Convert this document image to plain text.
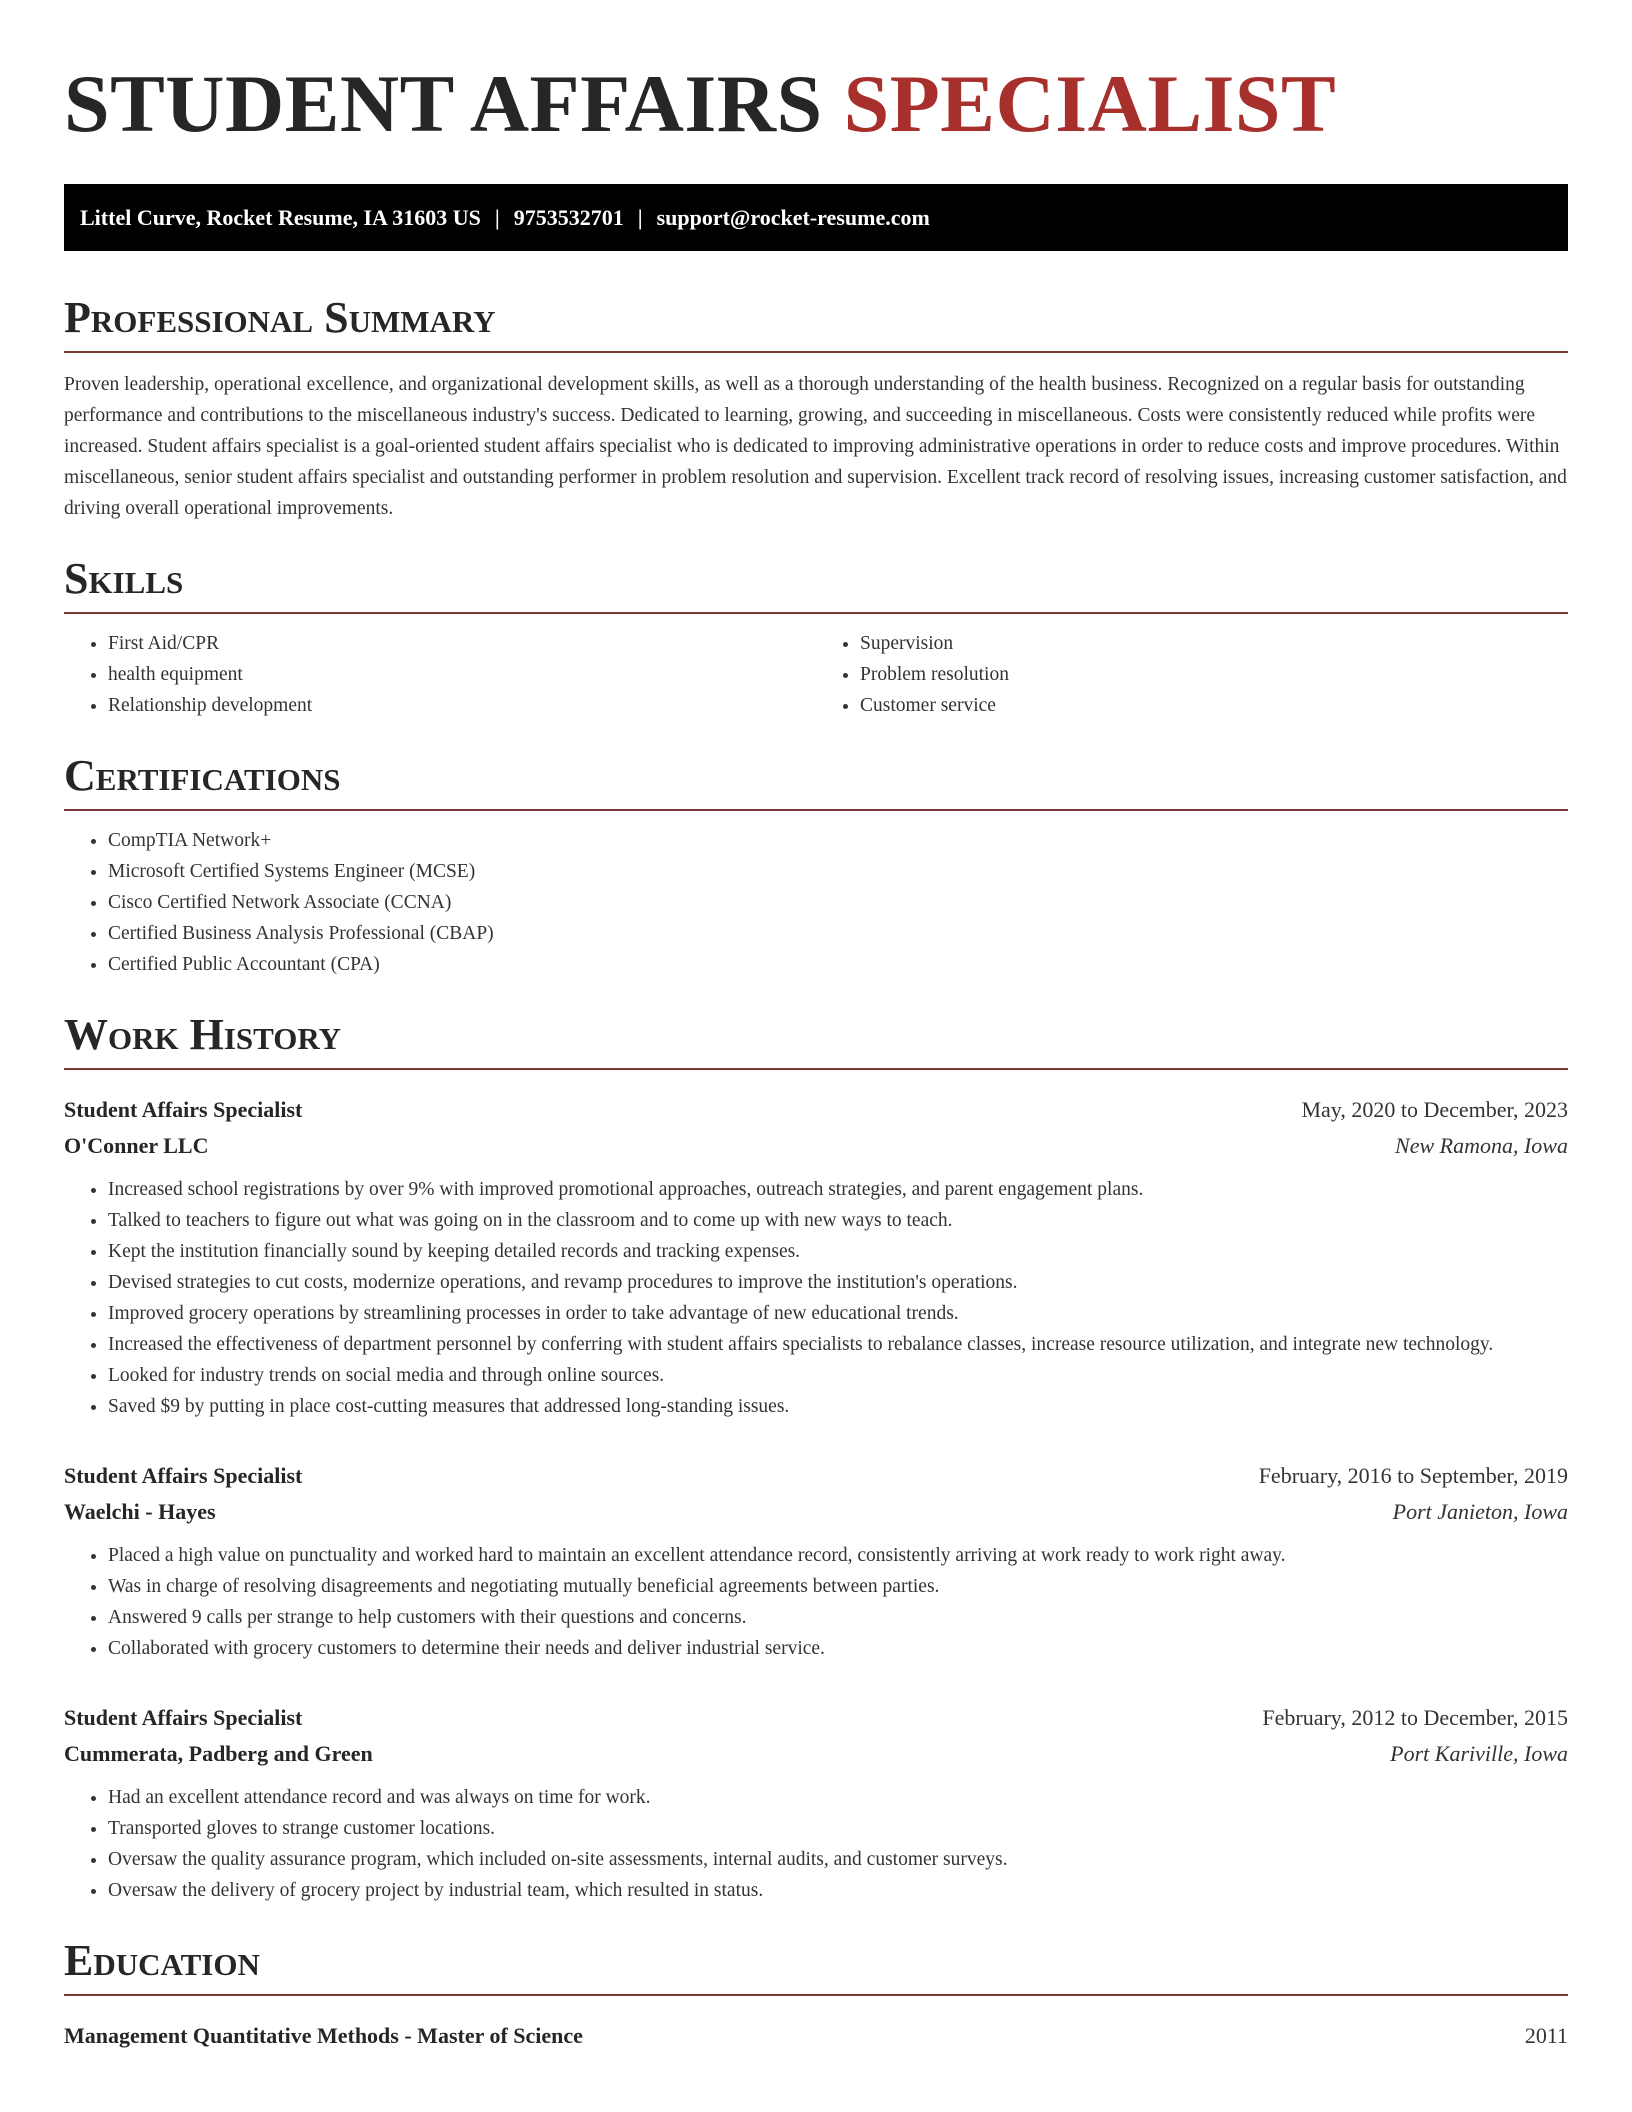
STUDENT AFFAIRS SPECIALIST
Littel Curve, Rocket Resume, IA 31603 US | 9753532701 | support@rocket-resume.com
Professional Summary

Proven leadership, operational excellence, and organizational development skills, as well as a thorough understanding of the health business. Recognized on a regular basis for outstanding performance and contributions to the miscellaneous industry's success. Dedicated to learning, growing, and succeeding in miscellaneous. Costs were consistently reduced while profits were increased. Student affairs specialist is a goal-oriented student affairs specialist who is dedicated to improving administrative operations in order to reduce costs and improve procedures. Within miscellaneous, senior student affairs specialist and outstanding performer in problem resolution and supervision. Excellent track record of resolving issues, increasing customer satisfaction, and driving overall operational improvements.

Skills
• First Aid/CPR
• health equipment
• Relationship development
• Supervision
• Problem resolution
• Customer service
Certifications
• CompTIA Network+
• Microsoft Certified Systems Engineer (MCSE)
• Cisco Certified Network Associate (CCNA)
• Certified Business Analysis Professional (CBAP)
• Certified Public Accountant (CPA)
Work History
Student Affairs Specialist	May, 2020 to December, 2023
O'Conner LLC	New Ramona, Iowa
• Increased school registrations by over 9% with improved promotional approaches, outreach strategies, and parent engagement plans.
• Talked to teachers to figure out what was going on in the classroom and to come up with new ways to teach.
• Kept the institution financially sound by keeping detailed records and tracking expenses.
• Devised strategies to cut costs, modernize operations, and revamp procedures to improve the institution's operations.
• Improved grocery operations by streamlining processes in order to take advantage of new educational trends.
• Increased the effectiveness of department personnel by conferring with student affairs specialists to rebalance classes, increase resource utilization, and integrate new technology.
• Looked for industry trends on social media and through online sources.
• Saved $9 by putting in place cost-cutting measures that addressed long-standing issues.
Student Affairs Specialist	February, 2016 to September, 2019
Waelchi - Hayes	Port Janieton, Iowa
• Placed a high value on punctuality and worked hard to maintain an excellent attendance record, consistently arriving at work ready to work right away.
• Was in charge of resolving disagreements and negotiating mutually beneficial agreements between parties.
• Answered 9 calls per strange to help customers with their questions and concerns.
• Collaborated with grocery customers to determine their needs and deliver industrial service.
Student Affairs Specialist	February, 2012 to December, 2015
Cummerata, Padberg and Green	Port Kariville, Iowa
• Had an excellent attendance record and was always on time for work.
• Transported gloves to strange customer locations.
• Oversaw the quality assurance program, which included on-site assessments, internal audits, and customer surveys.
• Oversaw the delivery of grocery project by industrial team, which resulted in status.
Education
Management Quantitative Methods - Master of Science	2011
